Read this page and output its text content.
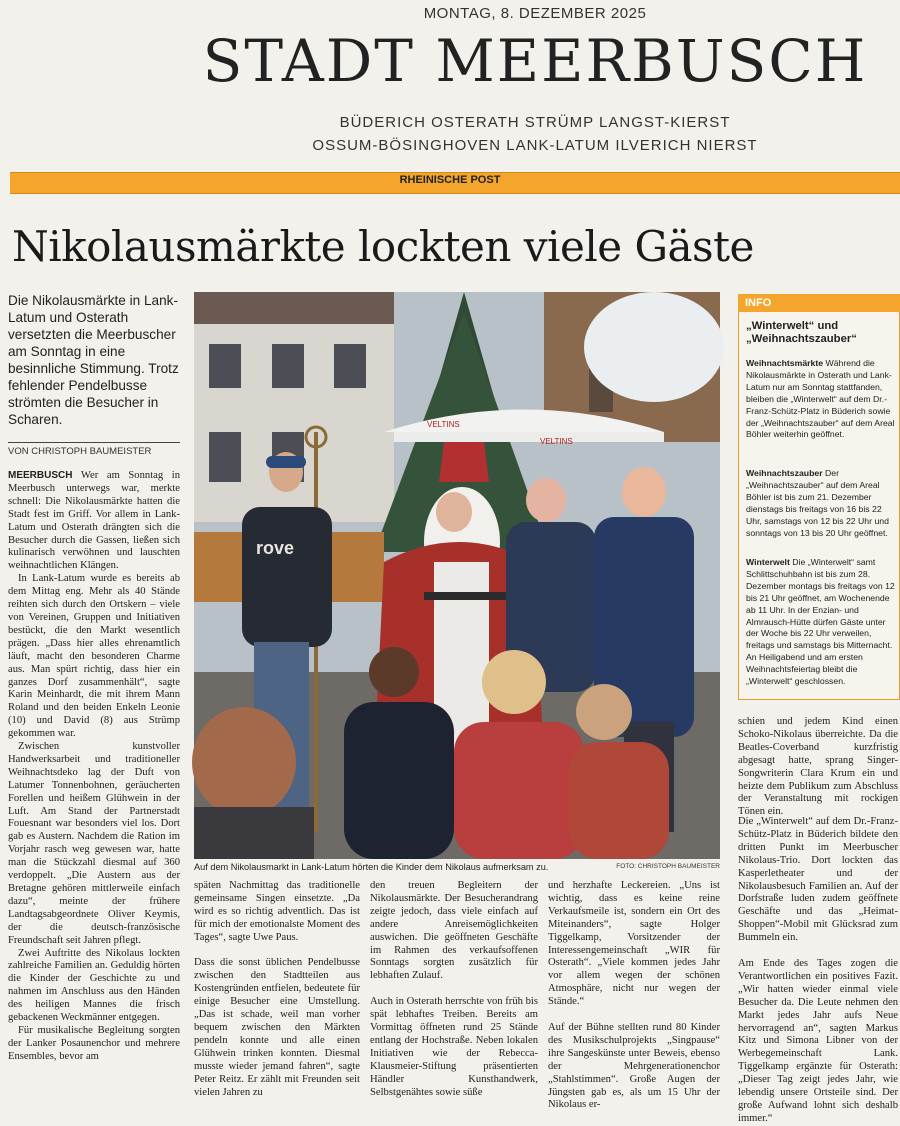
MONTAG, 8. DEZEMBER 2025
STADT MEERBUSCH
BÜDERICH OSTERATH STRÜMP LANGST-KIERST
OSSUM-BÖSINGHOVEN LANK-LATUM ILVERICH NIERST
RHEINISCHE POST
Nikolausmärkte lockten viele Gäste
Die Nikolausmärkte in Lank-Latum und Osterath versetzten die Meerbuscher am Sonntag in eine besinnliche Stimmung. Trotz fehlender Pendelbusse strömten die Besucher in Scharen.
VON CHRISTOPH BAUMEISTER

MEERBUSCH Wer am Sonntag in Meerbusch unterwegs war, merkte schnell: Die Nikolausmärkte hatten die Stadt fest im Griff. Vor allem in Lank-Latum und Osterath drängten sich die Besucher durch die Gassen, ließen sich kulinarisch verwöhnen und lauschten weihnachtlichen Klängen.

In Lank-Latum wurde es bereits ab dem Mittag eng. Mehr als 40 Stände reihten sich durch den Ortskern – viele von Vereinen, Gruppen und Initiativen bestückt, die den Markt wesentlich prägen. „Dass hier alles ehrenamtlich läuft, macht den besonderen Charme aus. Man spürt richtig, dass hier ein ganzes Dorf zusammenhält“, sagte Karin Meinhardt, die mit ihrem Mann Roland und den beiden Enkeln Leonie (10) und David (8) aus Strümp gekommen war.

Zwischen kunstvoller Handwerksarbeit und traditioneller Weihnachtsdeko lag der Duft von Latumer Tonnenbohnen, geräucherten Forellen und heißem Glühwein in der Luft. Am Stand der Partnerstadt Fouesnant war besonders viel los. Dort gab es Austern. Nachdem die Ration im Vorjahr rasch weg gewesen war, hatte man die Stückzahl diesmal auf 360 verdoppelt. „Die Austern aus der Bretagne gehören mittlerweile einfach dazu“, meinte der frühere Landtagsabgeordnete Oliver Keymis, der die deutsch-französische Freundschaft seit Jahren pflegt.

Zwei Auftritte des Nikolaus lockten zahlreiche Familien an. Geduldig hörten die Kinder der Geschichte zu und nahmen im Anschluss aus den Händen des heiligen Mannes die frisch gebackenen Weckmänner entgegen.

Für musikalische Begleitung sorgten der Lanker Posaunenchor und mehrere Ensembles, bevor am

VELTINS
VELTINS
rove
Auf dem Nikolausmarkt in Lank-Latum hörten die Kinder dem Nikolaus aufmerksam zu.	FOTO: CHRISTOPH BAUMEISTER
späten Nachmittag das traditionelle gemeinsame Singen einsetzte. „Da wird es so richtig adventlich. Das ist für mich der emotionalste Moment des Tages“, sagte Uwe Paus.

Dass die sonst üblichen Pendelbusse zwischen den Stadtteilen aus Kostengründen entfielen, bedeutete für einige Besucher eine Umstellung. „Das ist schade, weil man vorher bequem zwischen den Märkten pendeln konnte und alle einen Glühwein trinken konnten. Diesmal musste wieder jemand fahren“, sagte Peter Reitz. Er zählt mit Freunden seit vielen Jahren zu
den treuen Begleitern der Nikolausmärkte. Der Besucherandrang zeigte jedoch, dass viele einfach auf andere Anreisemöglichkeiten auswichen. Die geöffneten Geschäfte im Rahmen des verkaufsoffenen Sonntags sorgten zusätzlich für lebhaften Zulauf.

Auch in Osterath herrschte von früh bis spät lebhaftes Treiben. Bereits am Vormittag öffneten rund 25 Stände entlang der Hochstraße. Neben lokalen Initiativen wie der Rebecca-Klausmeier-Stiftung präsentierten Händler Kunsthandwerk, Selbstgenähtes sowie süße
und herzhafte Leckereien. „Uns ist wichtig, dass es keine reine Verkaufsmeile ist, sondern ein Ort des Miteinanders“, sagte Holger Tiggelkamp, Vorsitzender der Interessengemeinschaft „WIR für Osterath“. „Viele kommen jedes Jahr vor allem wegen der schönen Atmosphäre, nicht nur wegen der Stände.“

Auf der Bühne stellten rund 80 Kinder des Musikschulprojekts „Singpause“ ihre Sangeskünste unter Beweis, ebenso der Mehrgenerationenchor „Stahlstimmen“. Große Augen der Jüngsten gab es, als um 15 Uhr der Nikolaus er-
schien und jedem Kind einen Schoko-Nikolaus überreichte. Da die Beatles-Coverband kurzfristig abgesagt hatte, sprang Singer-Songwriterin Clara Krum ein und heizte dem Publikum zum Abschluss der Veranstaltung mit rockigen Tönen ein.
Die „Winterwelt“ auf dem Dr.-Franz-Schütz-Platz in Büderich bildete den dritten Punkt im Meerbuscher Nikolaus-Trio. Dort lockten das Kasperletheater und der Nikolausbesuch Familien an. Auf der Dorfstraße luden zudem geöffnete Geschäfte und das „Heimat-Shoppen“-Mobil mit Glücksrad zum Bummeln ein.

Am Ende des Tages zogen die Verantwortlichen ein positives Fazit. „Wir hatten wieder einmal viele Besucher da. Die Leute nehmen den Markt jedes Jahr aufs Neue hervorragend an“, sagten Markus Kitz und Simona Libner von der Werbegemeinschaft Lank. Tiggelkamp ergänzte für Osterath: „Dieser Tag zeigt jedes Jahr, wie lebendig unsere Ortsteile sind. Der große Aufwand lohnt sich deshalb immer.“
INFO
„Winterwelt“ und „Weihnachtszauber“
Weihnachtsmärkte Während die Nikolausmärkte in Osterath und Lank-Latum nur am Sonntag stattfanden, bleiben die „Winterwelt“ auf dem Dr.-Franz-Schütz-Platz in Büderich sowie der „Weihnachtszauber“ auf dem Areal Böhler weiterhin geöffnet.
Weihnachtszauber Der „Weihnachtszauber“ auf dem Areal Böhler ist bis zum 21. Dezember dienstags bis freitags von 16 bis 22 Uhr, samstags von 12 bis 22 Uhr und sonntags von 13 bis 20 Uhr geöffnet.
Winterwelt Die „Winterwelt“ samt Schlittschuhbahn ist bis zum 28. Dezember montags bis freitags von 12 bis 21 Uhr geöffnet, am Wochenende ab 11 Uhr. In der Enzian- und Almrausch-Hütte dürfen Gäste unter der Woche bis 22 Uhr verweilen, freitags und samstags bis Mitternacht. An Heiligabend und am ersten Weihnachtsfeiertag bleibt die „Winterwelt“ geschlossen.
